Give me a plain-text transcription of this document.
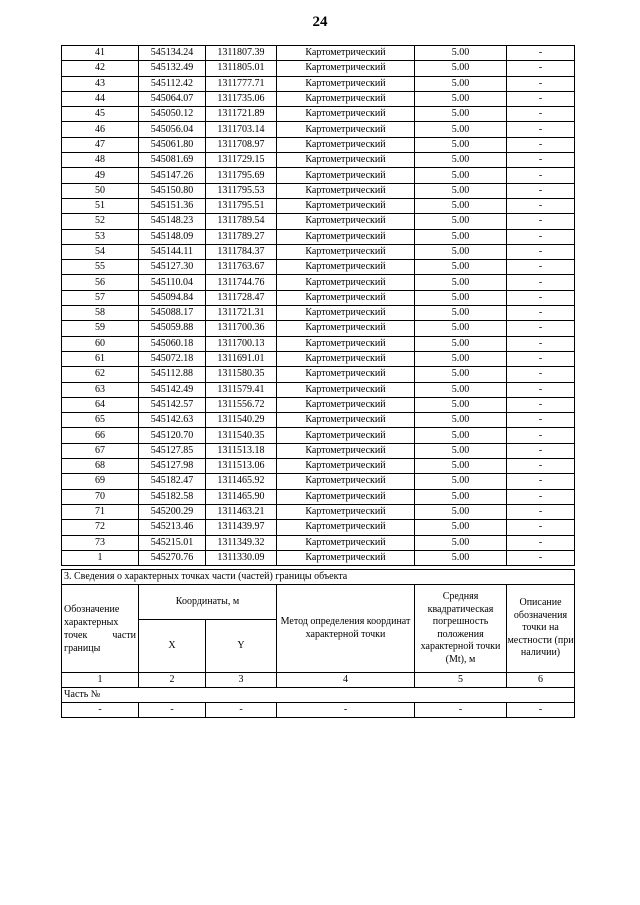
24
41	545134.24	1311807.39	Картометрический	5.00	-
42	545132.49	1311805.01	Картометрический	5.00	-
43	545112.42	1311777.71	Картометрический	5.00	-
44	545064.07	1311735.06	Картометрический	5.00	-
45	545050.12	1311721.89	Картометрический	5.00	-
46	545056.04	1311703.14	Картометрический	5.00	-
47	545061.80	1311708.97	Картометрический	5.00	-
48	545081.69	1311729.15	Картометрический	5.00	-
49	545147.26	1311795.69	Картометрический	5.00	-
50	545150.80	1311795.53	Картометрический	5.00	-
51	545151.36	1311795.51	Картометрический	5.00	-
52	545148.23	1311789.54	Картометрический	5.00	-
53	545148.09	1311789.27	Картометрический	5.00	-
54	545144.11	1311784.37	Картометрический	5.00	-
55	545127.30	1311763.67	Картометрический	5.00	-
56	545110.04	1311744.76	Картометрический	5.00	-
57	545094.84	1311728.47	Картометрический	5.00	-
58	545088.17	1311721.31	Картометрический	5.00	-
59	545059.88	1311700.36	Картометрический	5.00	-
60	545060.18	1311700.13	Картометрический	5.00	-
61	545072.18	1311691.01	Картометрический	5.00	-
62	545112.88	1311580.35	Картометрический	5.00	-
63	545142.49	1311579.41	Картометрический	5.00	-
64	545142.57	1311556.72	Картометрический	5.00	-
65	545142.63	1311540.29	Картометрический	5.00	-
66	545120.70	1311540.35	Картометрический	5.00	-
67	545127.85	1311513.18	Картометрический	5.00	-
68	545127.98	1311513.06	Картометрический	5.00	-
69	545182.47	1311465.92	Картометрический	5.00	-
70	545182.58	1311465.90	Картометрический	5.00	-
71	545200.29	1311463.21	Картометрический	5.00	-
72	545213.46	1311439.97	Картометрический	5.00	-
73	545215.01	1311349.32	Картометрический	5.00	-
1	545270.76	1311330.09	Картометрический	5.00	-
3. Сведения о характерных точках части (частей) границы объекта					

Обозначение характерных точек части границы	Координаты, м		Метод определения координат характерной точки	Средняя квадратическая погрешность положения характерной точки (Mt), м	Описание обозначения точки на местности (при наличии)
	X	Y			
1	2	3	4	5	6
Часть №					
-	-	-	-	-	-
